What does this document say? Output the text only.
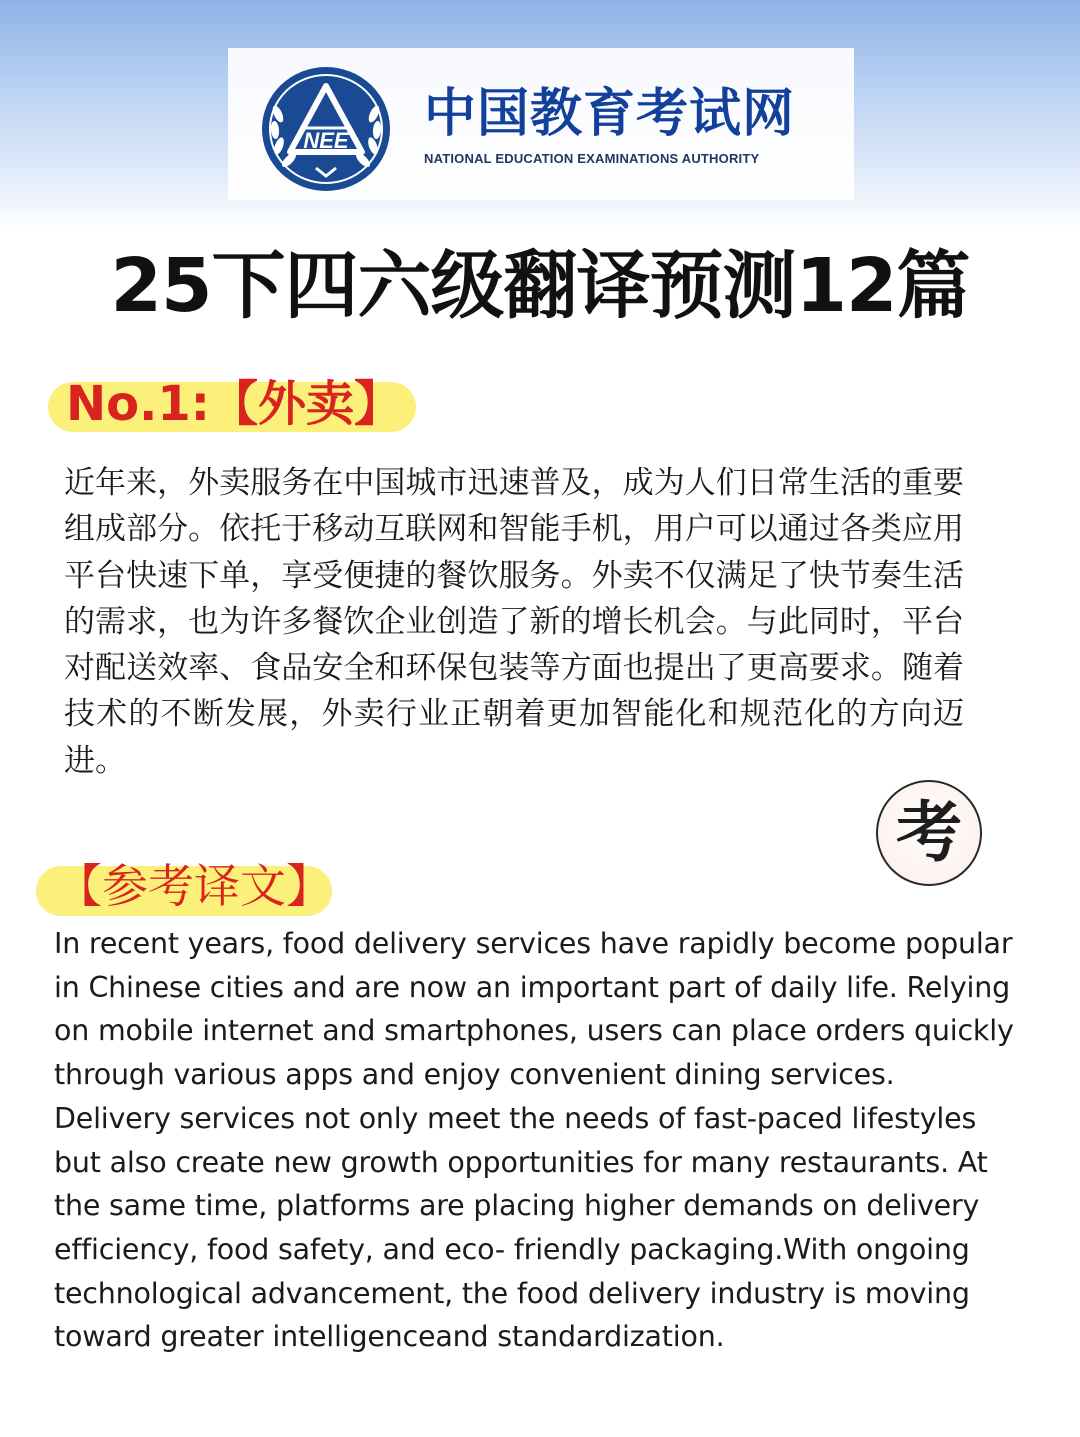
NEE 中国教育考试网
NATIONAL EDUCATION EXAMINATIONS AUTHORITY
25下四六级翻译预测12篇
No.1:【外卖】
近年来，外卖服务在中国城市迅速普及，成为人们日常生活的重要组成部分。依托于移动互联网和智能手机，用户可以通过各类应用平台快速下单，享受便捷的餐饮服务。外卖不仅满足了快节奏生活的需求，也为许多餐饮企业创造了新的增长机会。与此同时，平台对配送效率、食品安全和环保包装等方面也提出了更高要求。随着技术的不断发展，外卖行业正朝着更加智能化和规范化的方向迈进。
考
【参考译文】
In recent years, food delivery services have rapidly become popular in Chinese cities and are now an important part of daily life. Relying on mobile internet and smartphones, users can place orders quickly through various apps and enjoy convenient dining services. Delivery services not only meet the needs of fast-paced lifestyles but also create new growth opportunities for many restaurants. At the same time, platforms are placing higher demands on delivery efficiency, food safety, and eco- friendly packaging.With ongoing technological advancement, the food delivery industry is moving toward greater intelligenceand standardization.
